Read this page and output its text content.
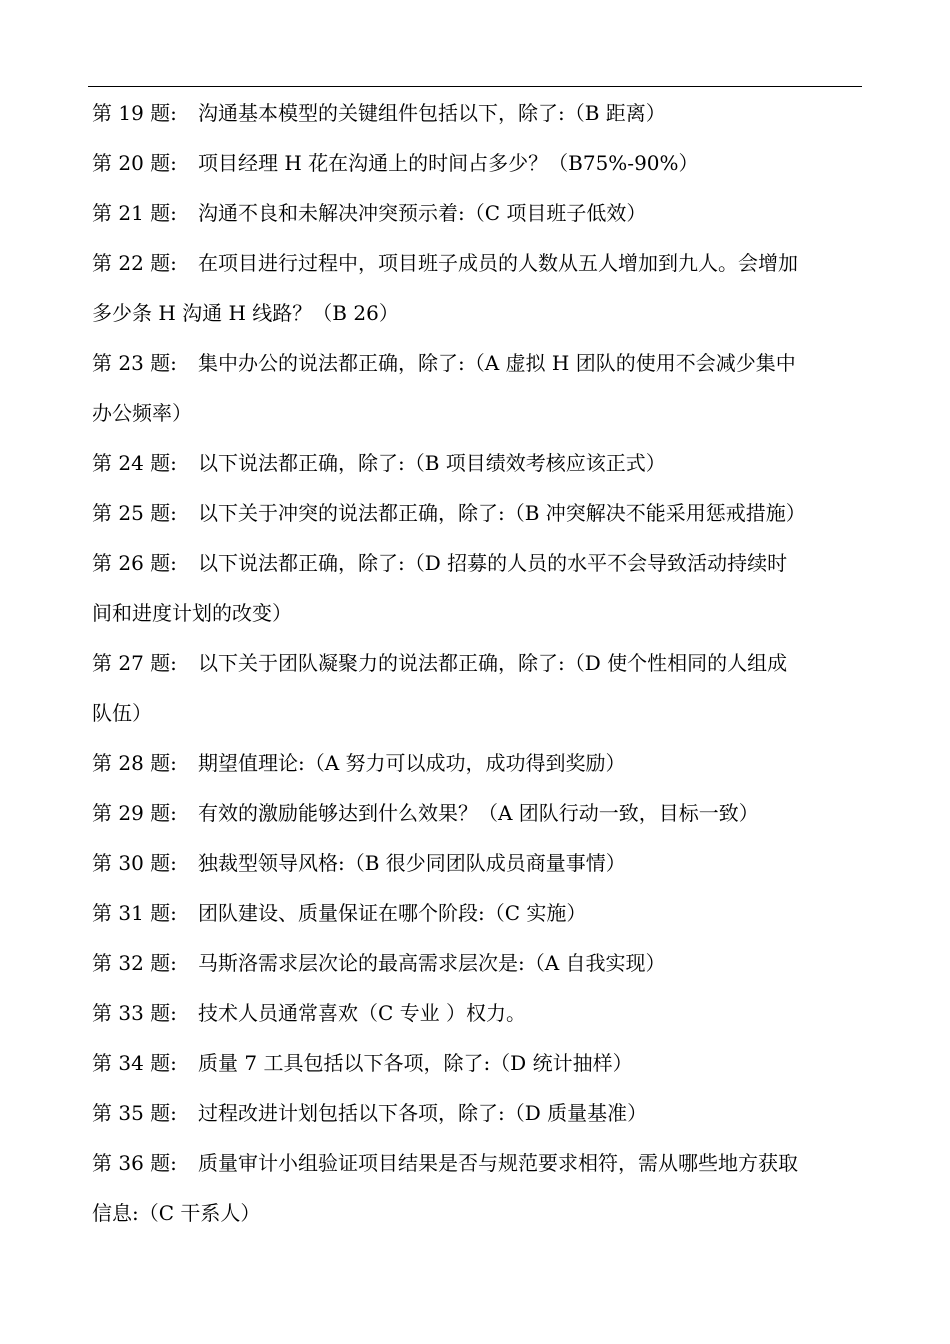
第 19 题: 沟通基本模型的关键组件包括以下，除了:（B 距离）
第 20 题: 项目经理 H 花在沟通上的时间占多少？（B75%-90%）
第 21 题: 沟通不良和未解决冲突预示着:（C 项目班子低效）
第 22 题: 在项目进行过程中，项目班子成员的人数从五人增加到九人。会增加
多少条 H 沟通 H 线路？（B 26）
第 23 题: 集中办公的说法都正确，除了:（A 虚拟 H 团队的使用不会减少集中
办公频率）
第 24 题: 以下说法都正确，除了:（B 项目绩效考核应该正式）
第 25 题: 以下关于冲突的说法都正确，除了:（B 冲突解决不能采用惩戒措施）
第 26 题: 以下说法都正确，除了:（D 招募的人员的水平不会导致活动持续时
间和进度计划的改变）
第 27 题: 以下关于团队凝聚力的说法都正确，除了:（D 使个性相同的人组成
队伍）
第 28 题: 期望值理论:（A 努力可以成功，成功得到奖励）
第 29 题: 有效的激励能够达到什么效果？（A 团队行动一致，目标一致）
第 30 题: 独裁型领导风格:（B 很少同团队成员商量事情）
第 31 题: 团队建设、质量保证在哪个阶段:（C 实施）
第 32 题: 马斯洛需求层次论的最高需求层次是:（A 自我实现）
第 33 题: 技术人员通常喜欢（C 专业 ）权力。
第 34 题: 质量 7 工具包括以下各项，除了:（D 统计抽样）
第 35 题: 过程改进计划包括以下各项，除了:（D 质量基准）
第 36 题: 质量审计小组验证项目结果是否与规范要求相符，需从哪些地方获取
信息:（C 干系人）
